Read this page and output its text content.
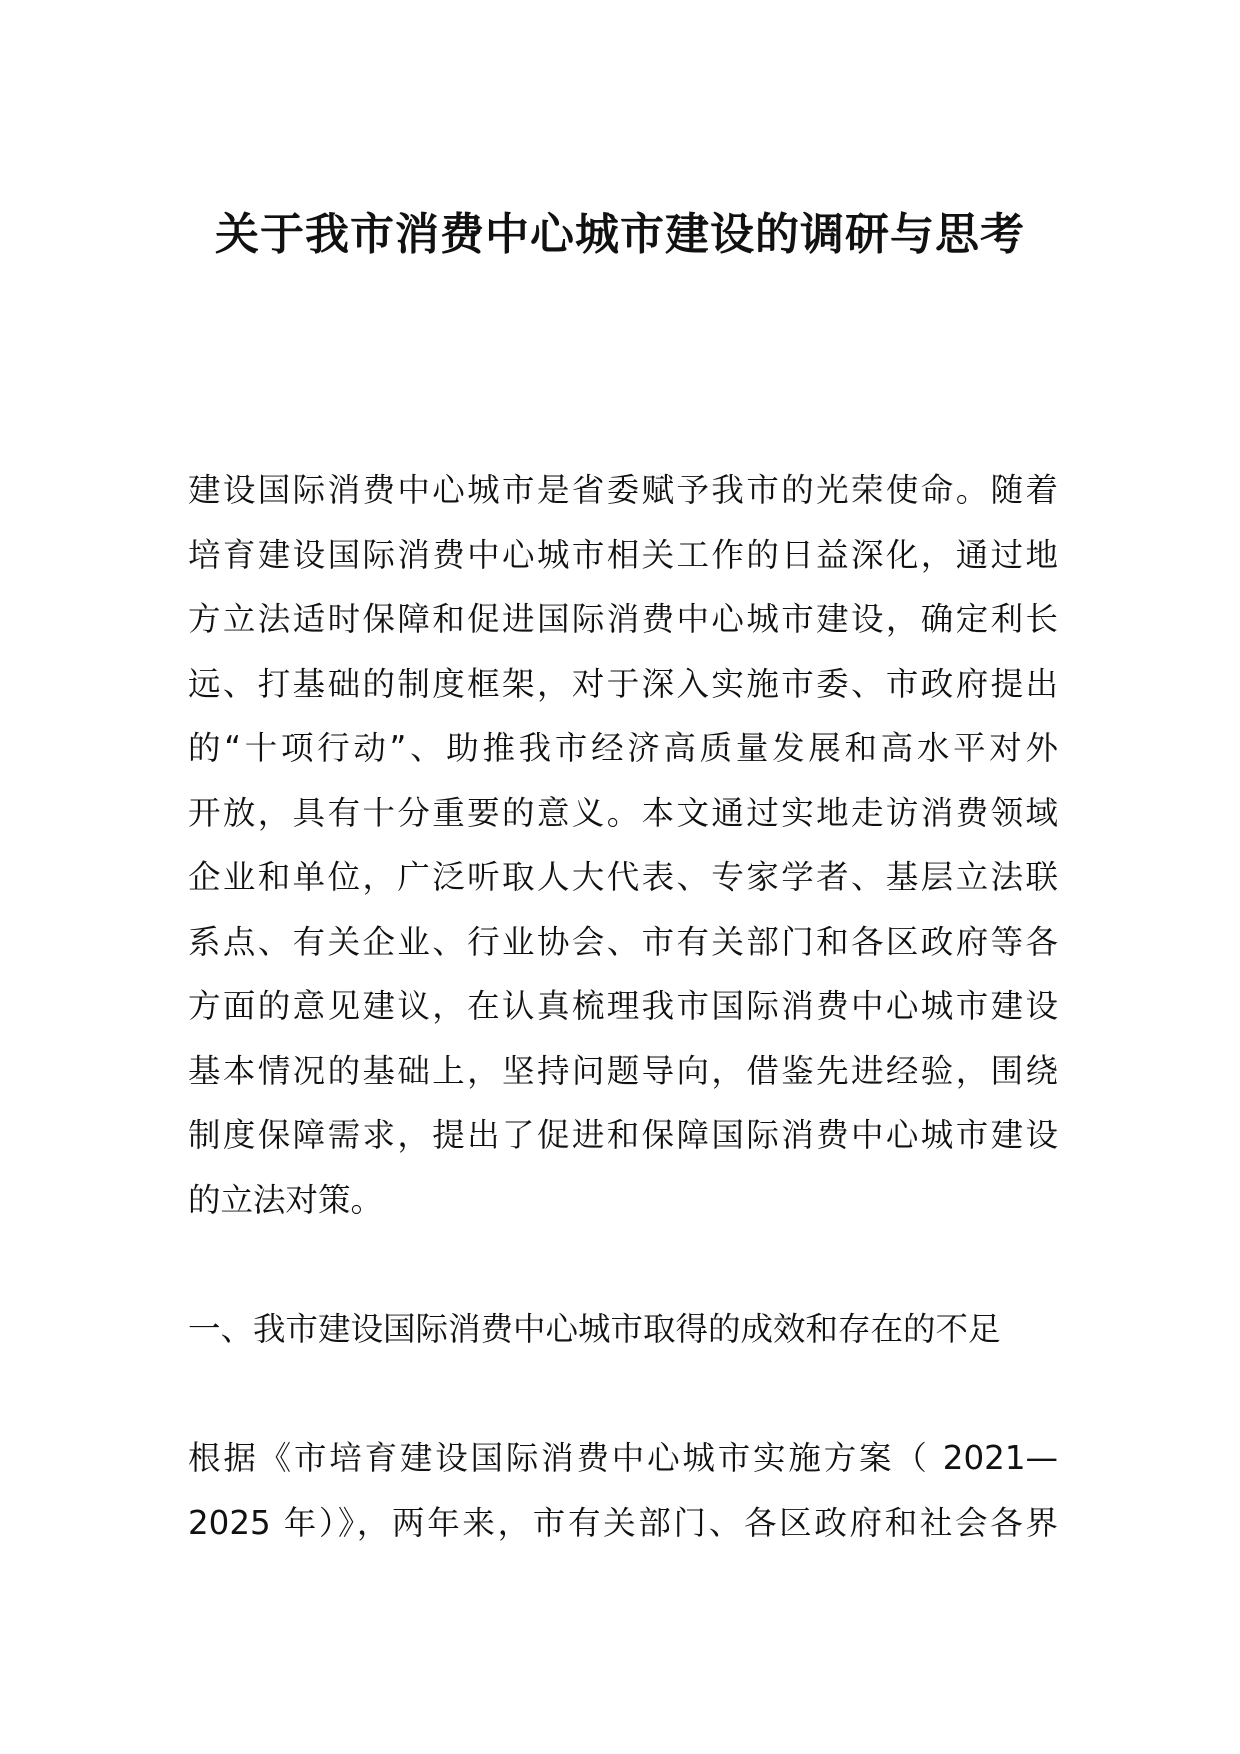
关于我市消费中心城市建设的调研与思考
建设国际消费中心城市是省委赋予我市的光荣使命。随着
培育建设国际消费中心城市相关工作的日益深化，通过地
方立法适时保障和促进国际消费中心城市建设，确定利长
远、打基础的制度框架，对于深入实施市委、市政府提出
的“十项行动”、助推我市经济高质量发展和高水平对外
开放，具有十分重要的意义。本文通过实地走访消费领域
企业和单位，广泛听取人大代表、专家学者、基层立法联
系点、有关企业、行业协会、市有关部门和各区政府等各
方面的意见建议，在认真梳理我市国际消费中心城市建设
基本情况的基础上，坚持问题导向，借鉴先进经验，围绕
制度保障需求，提出了促进和保障国际消费中心城市建设
的立法对策。
一、我市建设国际消费中心城市取得的成效和存在的不足
根据《市培育建设国际消费中心城市实施方案（ 2021—
2025 年）》，两年来，市有关部门、各区政府和社会各界
